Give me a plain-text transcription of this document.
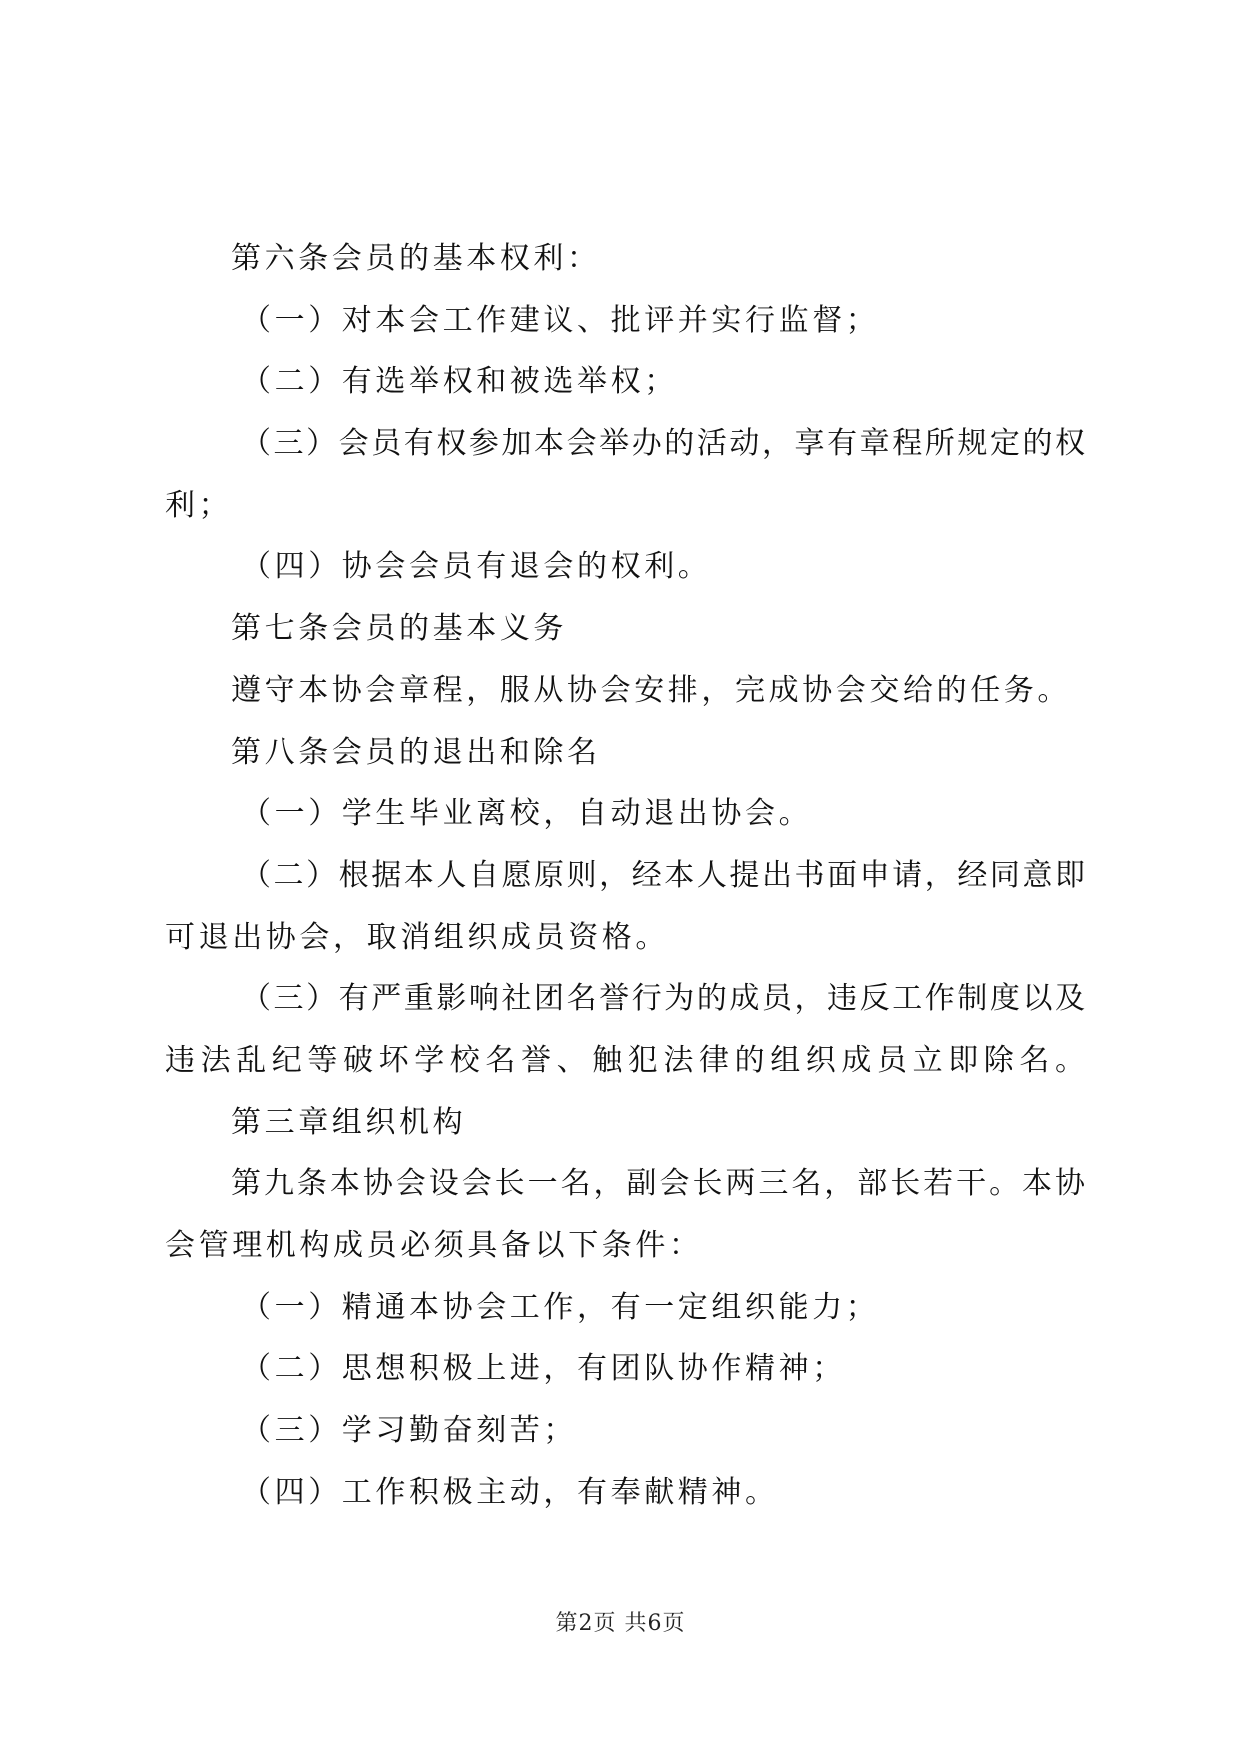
第六条会员的基本权利：
（一）对本会工作建议、批评并实行监督；
（二）有选举权和被选举权；
（三）会员有权参加本会举办的活动，享有章程所规定的权
利；
（四）协会会员有退会的权利。
第七条会员的基本义务
遵守本协会章程，服从协会安排，完成协会交给的任务。
第八条会员的退出和除名
（一）学生毕业离校，自动退出协会。
（二）根据本人自愿原则，经本人提出书面申请，经同意即
可退出协会，取消组织成员资格。
（三）有严重影响社团名誉行为的成员，违反工作制度以及
违法乱纪等破坏学校名誉、触犯法律的组织成员立即除名。
第三章组织机构
第九条本协会设会长一名，副会长两三名，部长若干。本协
会管理机构成员必须具备以下条件：
（一）精通本协会工作，有一定组织能力；
（二）思想积极上进，有团队协作精神；
（三）学习勤奋刻苦；
（四）工作积极主动，有奉献精神。
第2页 共6页
